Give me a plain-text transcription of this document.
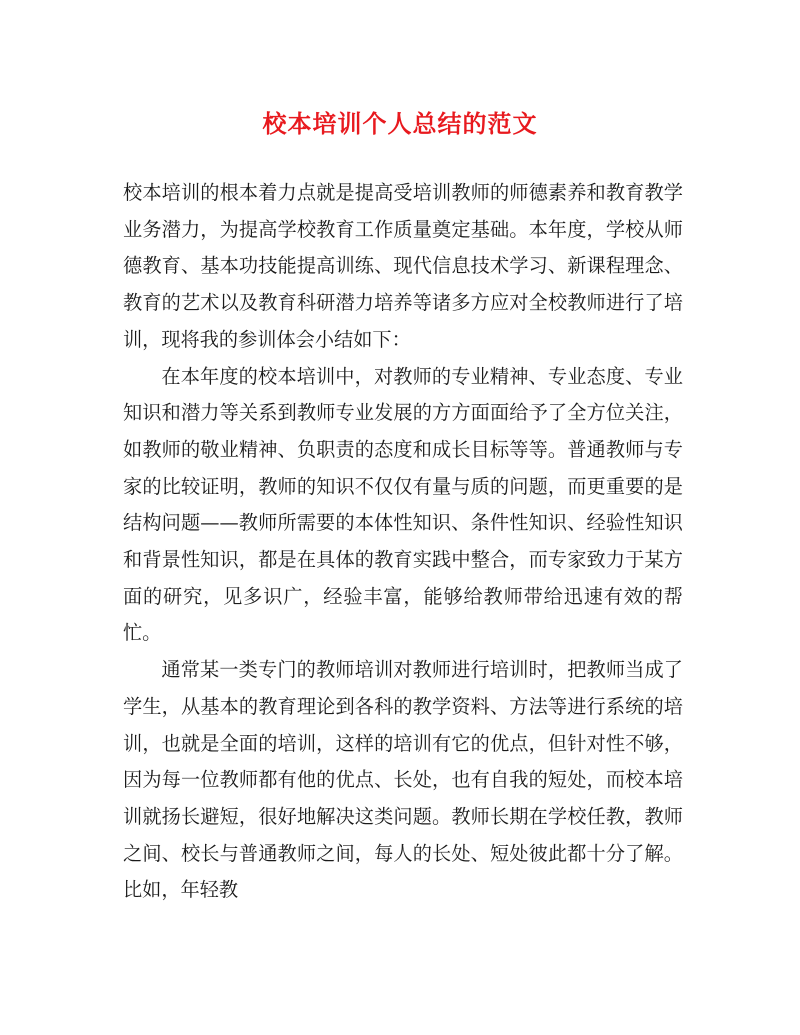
校本培训个人总结的范文

校本培训的根本着力点就是提高受培训教师的师德素养和教育教学业务潜力，为提高学校教育工作质量奠定基础。本年度，学校从师德教育、基本功技能提高训练、现代信息技术学习、新课程理念、教育的艺术以及教育科研潜力培养等诸多方应对全校教师进行了培训，现将我的参训体会小结如下：

在本年度的校本培训中，对教师的专业精神、专业态度、专业知识和潜力等关系到教师专业发展的方方面面给予了全方位关注，如教师的敬业精神、负职责的态度和成长目标等等。普通教师与专家的比较证明，教师的知识不仅仅有量与质的问题，而更重要的是结构问题——教师所需要的本体性知识、条件性知识、经验性知识和背景性知识，都是在具体的教育实践中整合，而专家致力于某方面的研究，见多识广，经验丰富，能够给教师带给迅速有效的帮忙。

通常某一类专门的教师培训对教师进行培训时，把教师当成了学生，从基本的教育理论到各科的教学资料、方法等进行系统的培训，也就是全面的培训，这样的培训有它的优点，但针对性不够，因为每一位教师都有他的优点、长处，也有自我的短处，而校本培训就扬长避短，很好地解决这类问题。教师长期在学校任教，教师之间、校长与普通教师之间，每人的长处、短处彼此都十分了解。比如，年轻教
